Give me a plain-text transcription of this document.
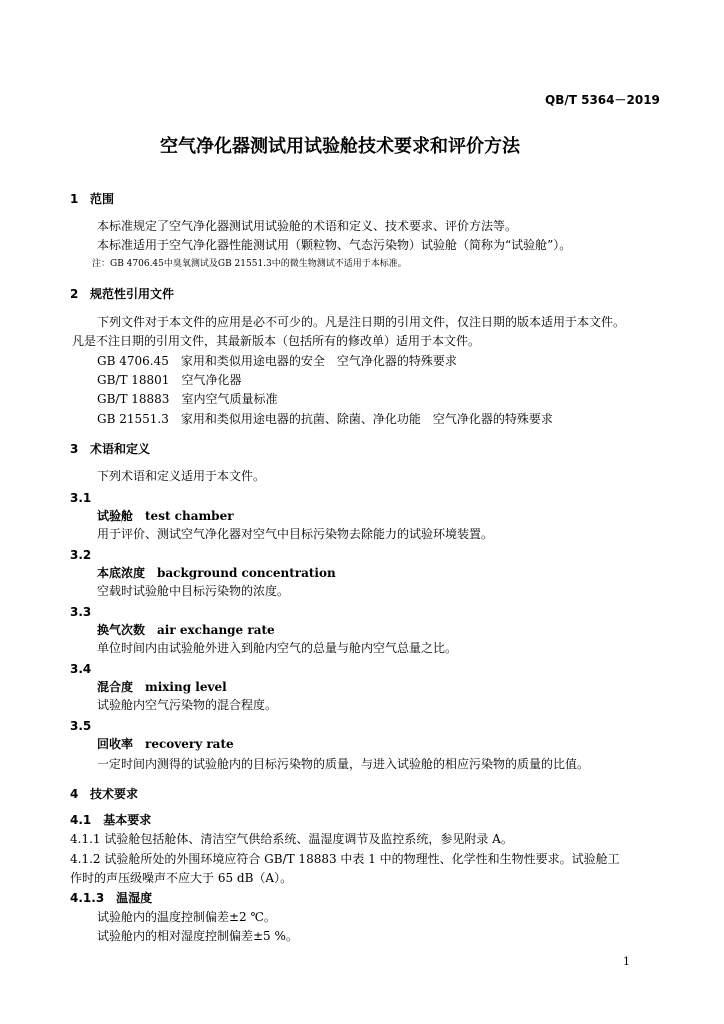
QB/T 5364－2019
空气净化器测试用试验舱技术要求和评价方法
1 范围
本标准规定了空气净化器测试用试验舱的术语和定义、技术要求、评价方法等。
本标准适用于空气净化器性能测试用（颗粒物、气态污染物）试验舱（简称为“试验舱”）。
注：GB 4706.45中臭氧测试及GB 21551.3中的微生物测试不适用于本标准。
2 规范性引用文件
下列文件对于本文件的应用是必不可少的。凡是注日期的引用文件，仅注日期的版本适用于本文件。
凡是不注日期的引用文件，其最新版本（包括所有的修改单）适用于本文件。
GB 4706.45　家用和类似用途电器的安全　空气净化器的特殊要求
GB/T 18801　空气净化器
GB/T 18883　室内空气质量标准
GB 21551.3　家用和类似用途电器的抗菌、除菌、净化功能　空气净化器的特殊要求
3 术语和定义
下列术语和定义适用于本文件。
3.1
试验舱 test chamber
用于评价、测试空气净化器对空气中目标污染物去除能力的试验环境装置。
3.2
本底浓度 background concentration
空载时试验舱中目标污染物的浓度。
3.3
换气次数 air exchange rate
单位时间内由试验舱外进入到舱内空气的总量与舱内空气总量之比。
3.4
混合度 mixing level
试验舱内空气污染物的混合程度。
3.5
回收率 recovery rate
一定时间内测得的试验舱内的目标污染物的质量，与进入试验舱的相应污染物的质量的比值。
4 技术要求
4.1　基本要求
4.1.1 试验舱包括舱体、清洁空气供给系统、温湿度调节及监控系统，参见附录 A。
4.1.2 试验舱所处的外围环境应符合 GB/T 18883 中表 1 中的物理性、化学性和生物性要求。试验舱工
作时的声压级噪声不应大于 65 dB（A）。
4.1.3　温湿度
试验舱内的温度控制偏差±2 ℃。
试验舱内的相对湿度控制偏差±5 %。
1
